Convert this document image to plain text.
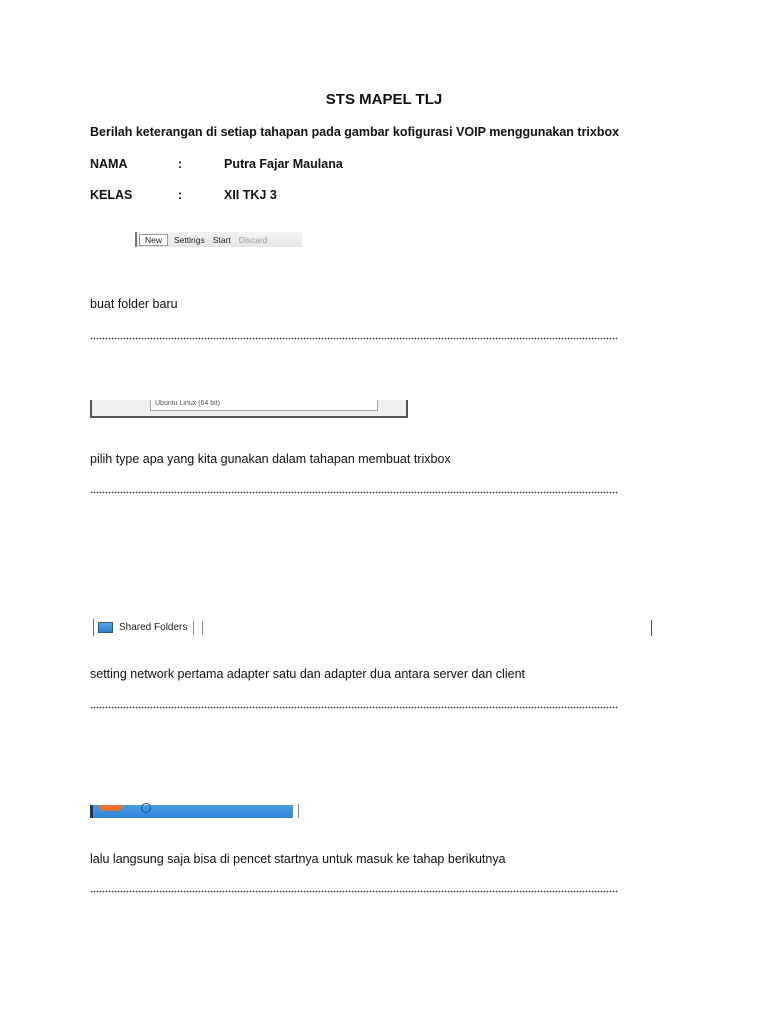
STS MAPEL TLJ
Berilah keterangan di setiap tahapan pada gambar kofigurasi VOIP menggunakan trixbox
NAMA	:	Putra Fajar Maulana
KELAS	:	XII TKJ 3
New	Settings Start Discard
buat folder baru
Ubuntu Linux (64 bit)
pilih type apa yang kita gunakan dalam tahapan membuat trixbox
Shared Folders
setting network pertama adapter satu dan adapter dua antara server dan client
lalu langsung saja bisa di pencet startnya untuk masuk ke tahap berikutnya
